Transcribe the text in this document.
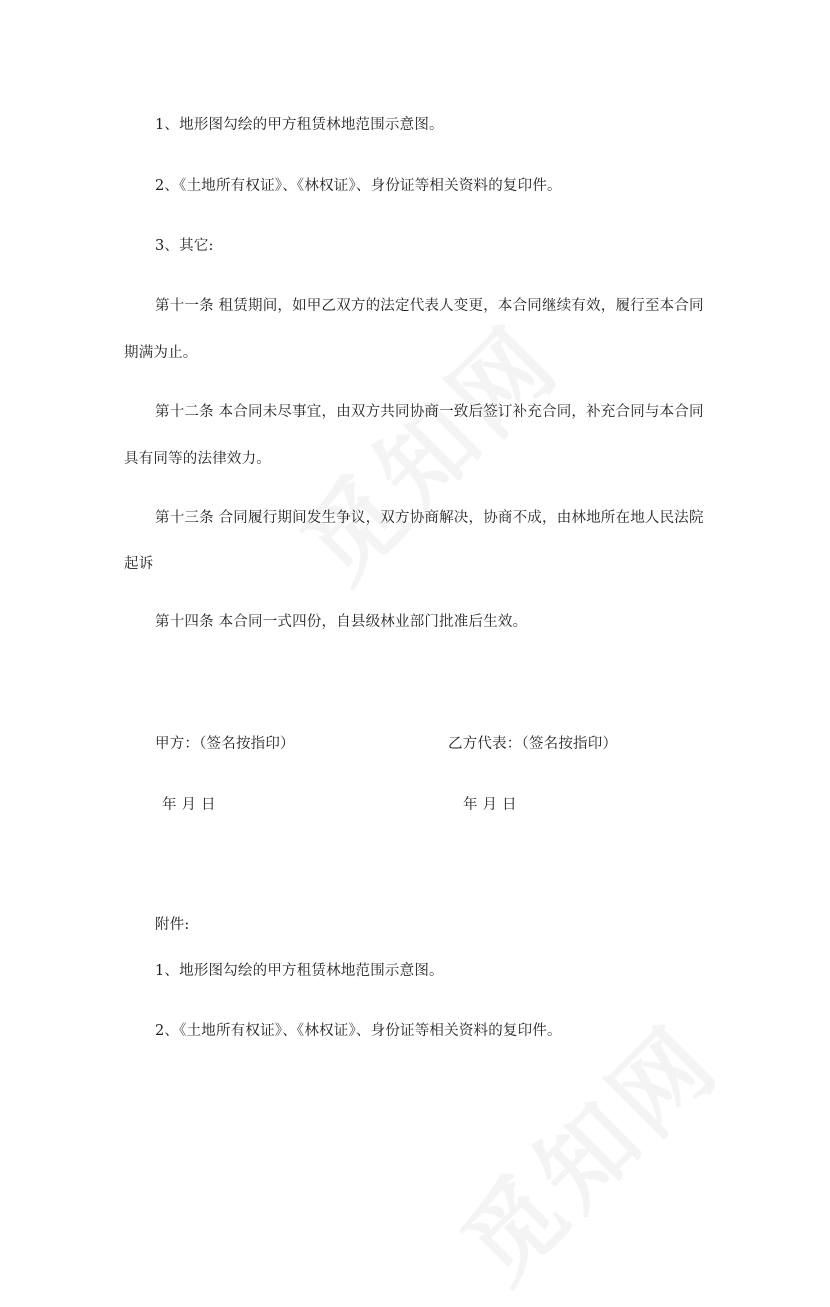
1、地形图勾绘的甲方租赁林地范围示意图。
2、《土地所有权证》、《林权证》、身份证等相关资料的复印件。
3、其它:
第十一条 租赁期间，如甲乙双方的法定代表人变更，本合同继续有效，履行至本合同
期满为止。
第十二条 本合同未尽事宜，由双方共同协商一致后签订补充合同，补充合同与本合同
具有同等的法律效力。
第十三条 合同履行期间发生争议，双方协商解决，协商不成，由林地所在地人民法院
起诉
第十四条 本合同一式四份，自县级林业部门批准后生效。
甲方：（签名按指印）	乙方代表：（签名按指印）
年 月 日	年 月 日
附件:
1、地形图勾绘的甲方租赁林地范围示意图。
2、《土地所有权证》、《林权证》、身份证等相关资料的复印件。
